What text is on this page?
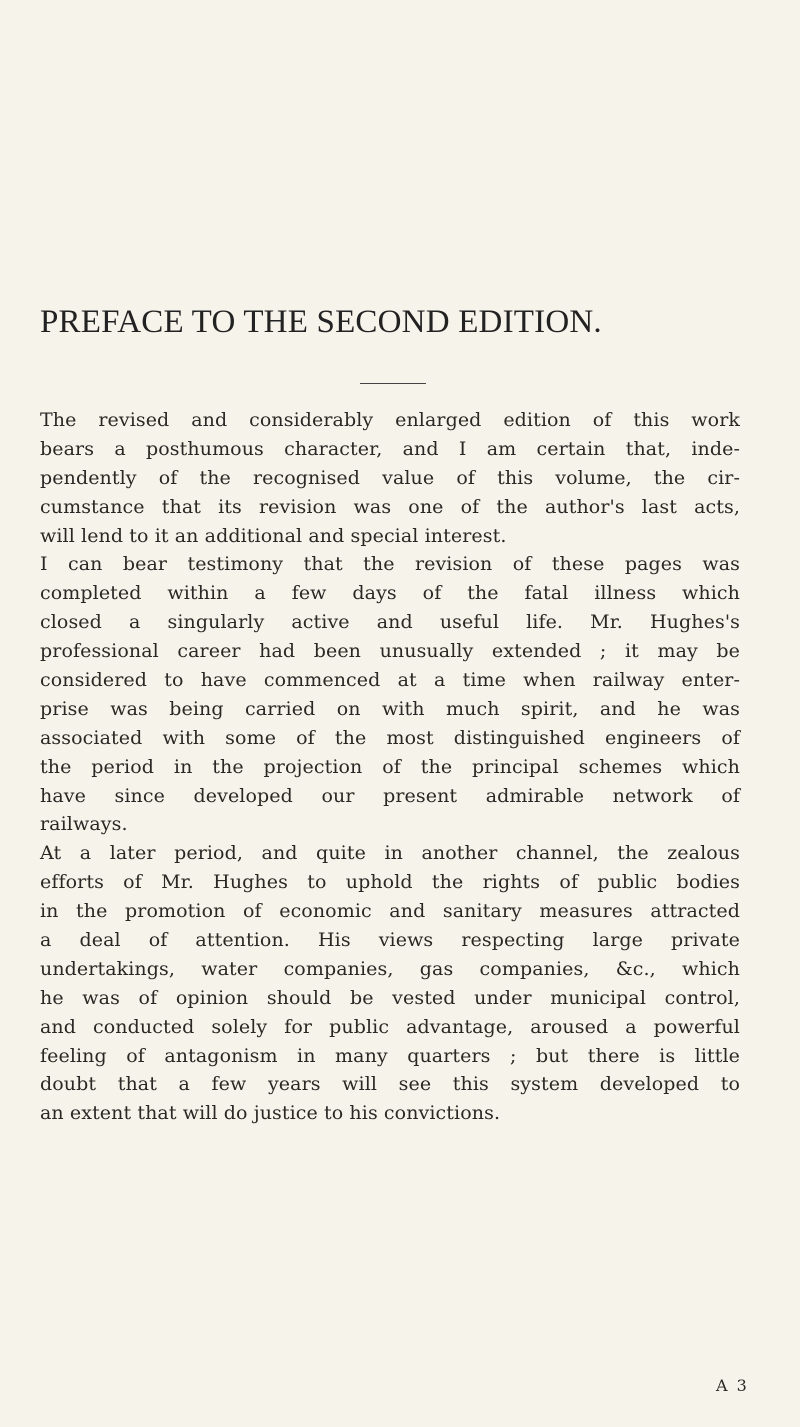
PREFACE TO THE SECOND EDITION.
The revised and considerably enlarged edition of this work
bears a posthumous character, and I am certain that, inde-
pendently of the recognised value of this volume, the cir-
cumstance that its revision was one of the author's last acts,
will lend to it an additional and special interest.
I can bear testimony that the revision of these pages was
completed within a few days of the fatal illness which
closed a singularly active and useful life. Mr. Hughes's
professional career had been unusually extended ; it may be
considered to have commenced at a time when railway enter-
prise was being carried on with much spirit, and he was
associated with some of the most distinguished engineers of
the period in the projection of the principal schemes which
have since developed our present admirable network of
railways.
At a later period, and quite in another channel, the zealous
efforts of Mr. Hughes to uphold the rights of public bodies
in the promotion of economic and sanitary measures attracted
a deal of attention. His views respecting large private
undertakings, water companies, gas companies, &c., which
he was of opinion should be vested under municipal control,
and conducted solely for public advantage, aroused a powerful
feeling of antagonism in many quarters ; but there is little
doubt that a few years will see this system developed to
an extent that will do justice to his convictions.
A 3
